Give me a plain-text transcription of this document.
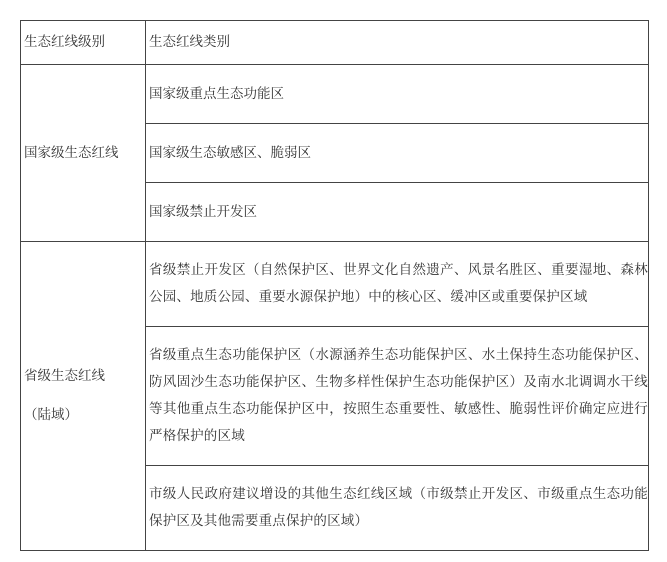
生态红线级别	生态红线类别
国家级生态红线	国家级重点生态功能区
	国家级生态敏感区、脆弱区
	国家级禁止开发区

省级生态红线
（陆域）	省级禁止开发区（自然保护区、世界文化自然遗产、风景名胜区、重要湿地、森林公园、地质公园、重要水源保护地）中的核心区、缓冲区或重要保护区域
	省级重点生态功能保护区（水源涵养生态功能保护区、水土保持生态功能保护区、防风固沙生态功能保护区、生物多样性保护生态功能保护区）及南水北调调水干线等其他重点生态功能保护区中，按照生态重要性、敏感性、脆弱性评价确定应进行严格保护的区域
	市级人民政府建议增设的其他生态红线区域（市级禁止开发区、市级重点生态功能保护区及其他需要重点保护的区域）
